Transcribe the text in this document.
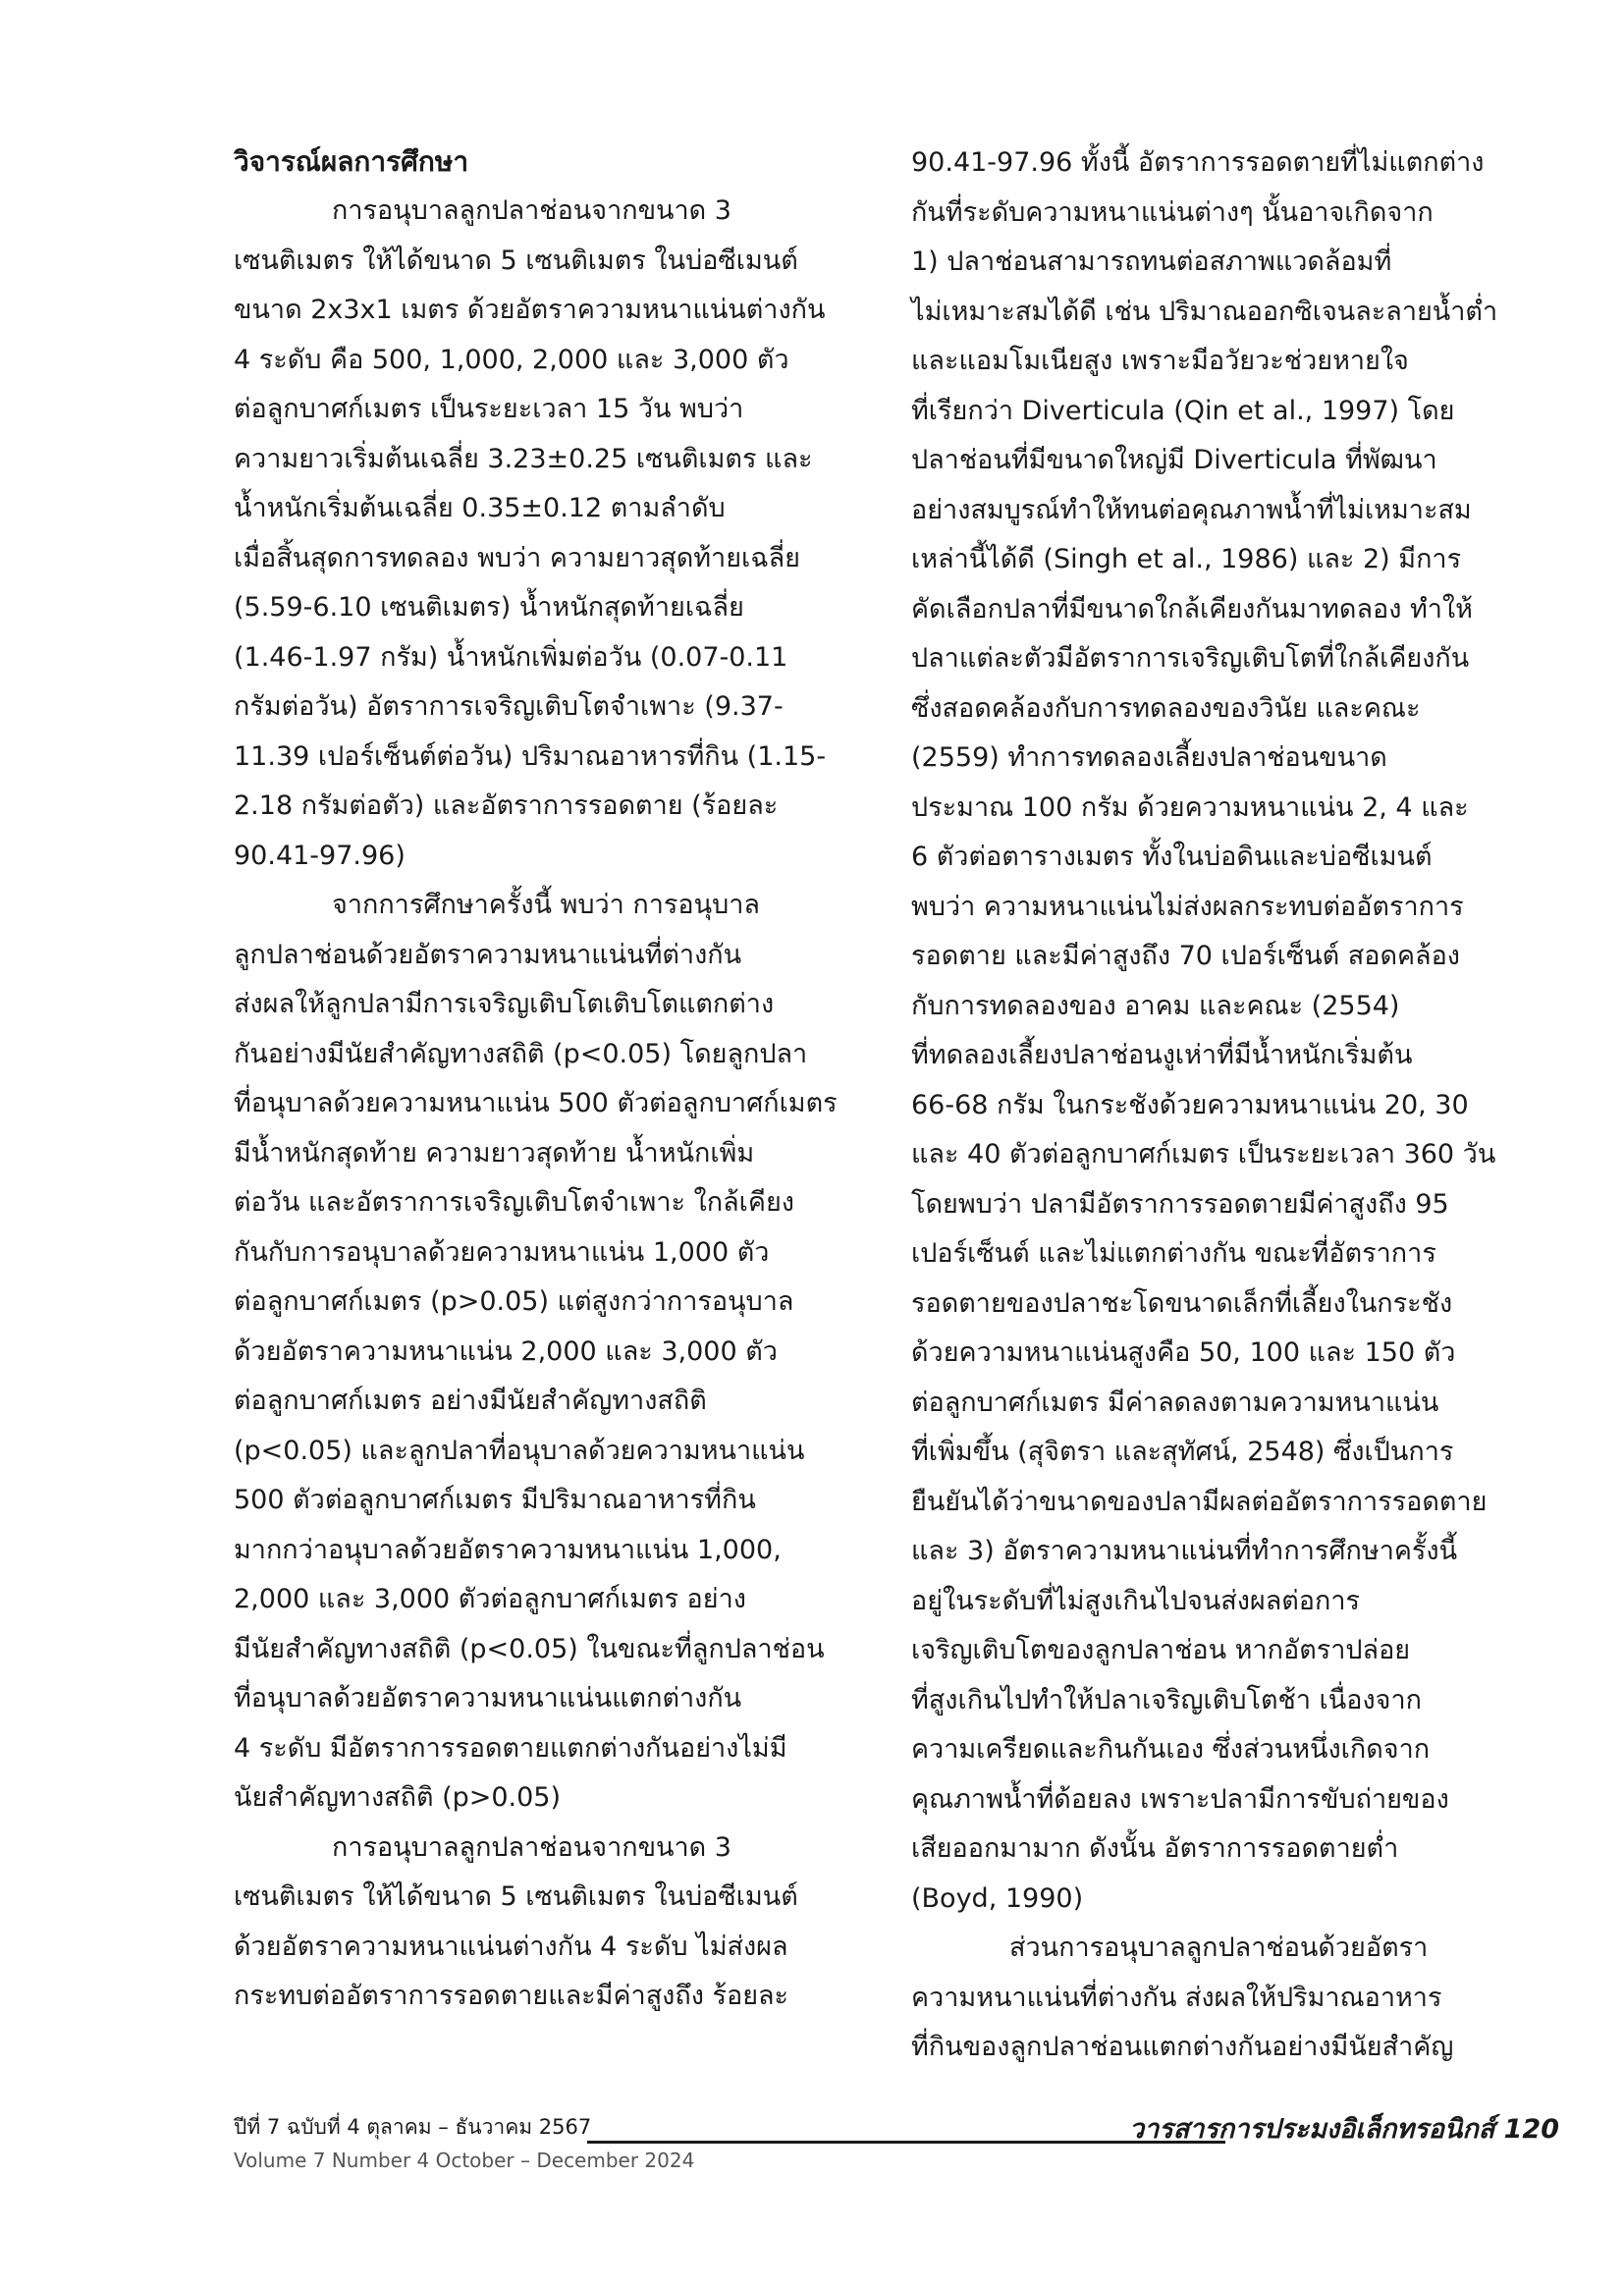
วิจารณ์ผลการศึกษา

การอนุบาลลูกปลาช่อนจากขนาด 3
เซนติเมตร ให้ได้ขนาด 5 เซนติเมตร ในบ่อซีเมนต์
ขนาด 2x3x1 เมตร ด้วยอัตราความหนาแน่นต่างกัน
4 ระดับ คือ 500, 1,000, 2,000 และ 3,000 ตัว
ต่อลูกบาศก์เมตร เป็นระยะเวลา 15 วัน พบว่า
ความยาวเริ่มต้นเฉลี่ย 3.23±0.25 เซนติเมตร และ
น้ำหนักเริ่มต้นเฉลี่ย 0.35±0.12 ตามลำดับ
เมื่อสิ้นสุดการทดลอง พบว่า ความยาวสุดท้ายเฉลี่ย
(5.59-6.10 เซนติเมตร) น้ำหนักสุดท้ายเฉลี่ย
(1.46-1.97 กรัม) น้ำหนักเพิ่มต่อวัน (0.07-0.11
กรัมต่อวัน) อัตราการเจริญเติบโตจำเพาะ (9.37-
11.39 เปอร์เซ็นต์ต่อวัน) ปริมาณอาหารที่กิน (1.15-
2.18 กรัมต่อตัว) และอัตราการรอดตาย (ร้อยละ
90.41-97.96)

จากการศึกษาครั้งนี้ พบว่า การอนุบาล
ลูกปลาช่อนด้วยอัตราความหนาแน่นที่ต่างกัน
ส่งผลให้ลูกปลามีการเจริญเติบโตเติบโตแตกต่าง
กันอย่างมีนัยสำคัญทางสถิติ (p<0.05) โดยลูกปลา
ที่อนุบาลด้วยความหนาแน่น 500 ตัวต่อลูกบาศก์เมตร
มีน้ำหนักสุดท้าย ความยาวสุดท้าย น้ำหนักเพิ่ม
ต่อวัน และอัตราการเจริญเติบโตจำเพาะ ใกล้เคียง
กันกับการอนุบาลด้วยความหนาแน่น 1,000 ตัว
ต่อลูกบาศก์เมตร (p>0.05) แต่สูงกว่าการอนุบาล
ด้วยอัตราความหนาแน่น 2,000 และ 3,000 ตัว
ต่อลูกบาศก์เมตร อย่างมีนัยสำคัญทางสถิติ
(p<0.05) และลูกปลาที่อนุบาลด้วยความหนาแน่น
500 ตัวต่อลูกบาศก์เมตร มีปริมาณอาหารที่กิน
มากกว่าอนุบาลด้วยอัตราความหนาแน่น 1,000,
2,000 และ 3,000 ตัวต่อลูกบาศก์เมตร อย่าง
มีนัยสำคัญทางสถิติ (p<0.05) ในขณะที่ลูกปลาช่อน
ที่อนุบาลด้วยอัตราความหนาแน่นแตกต่างกัน
4 ระดับ มีอัตราการรอดตายแตกต่างกันอย่างไม่มี
นัยสำคัญทางสถิติ (p>0.05)

การอนุบาลลูกปลาช่อนจากขนาด 3
เซนติเมตร ให้ได้ขนาด 5 เซนติเมตร ในบ่อซีเมนต์
ด้วยอัตราความหนาแน่นต่างกัน 4 ระดับ ไม่ส่งผล
กระทบต่ออัตราการรอดตายและมีค่าสูงถึง ร้อยละ

90.41-97.96 ทั้งนี้ อัตราการรอดตายที่ไม่แตกต่าง
กันที่ระดับความหนาแน่นต่างๆ นั้นอาจเกิดจาก
1) ปลาช่อนสามารถทนต่อสภาพแวดล้อมที่
ไม่เหมาะสมได้ดี เช่น ปริมาณออกซิเจนละลายน้ำต่ำ
และแอมโมเนียสูง เพราะมีอวัยวะช่วยหายใจ
ที่เรียกว่า Diverticula (Qin et al., 1997) โดย
ปลาช่อนที่มีขนาดใหญ่มี Diverticula ที่พัฒนา
อย่างสมบูรณ์ทำให้ทนต่อคุณภาพน้ำที่ไม่เหมาะสม
เหล่านี้ได้ดี (Singh et al., 1986) และ 2) มีการ
คัดเลือกปลาที่มีขนาดใกล้เคียงกันมาทดลอง ทำให้
ปลาแต่ละตัวมีอัตราการเจริญเติบโตที่ใกล้เคียงกัน
ซึ่งสอดคล้องกับการทดลองของวินัย และคณะ
(2559) ทำการทดลองเลี้ยงปลาช่อนขนาด
ประมาณ 100 กรัม ด้วยความหนาแน่น 2, 4 และ
6 ตัวต่อตารางเมตร ทั้งในบ่อดินและบ่อซีเมนต์
พบว่า ความหนาแน่นไม่ส่งผลกระทบต่ออัตราการ
รอดตาย และมีค่าสูงถึง 70 เปอร์เซ็นต์ สอดคล้อง
กับการทดลองของ อาคม และคณะ (2554)
ที่ทดลองเลี้ยงปลาช่อนงูเห่าที่มีน้ำหนักเริ่มต้น
66-68 กรัม ในกระชังด้วยความหนาแน่น 20, 30
และ 40 ตัวต่อลูกบาศก์เมตร เป็นระยะเวลา 360 วัน
โดยพบว่า ปลามีอัตราการรอดตายมีค่าสูงถึง 95
เปอร์เซ็นต์ และไม่แตกต่างกัน ขณะที่อัตราการ
รอดตายของปลาชะโดขนาดเล็กที่เลี้ยงในกระชัง
ด้วยความหนาแน่นสูงคือ 50, 100 และ 150 ตัว
ต่อลูกบาศก์เมตร มีค่าลดลงตามความหนาแน่น
ที่เพิ่มขึ้น (สุจิตรา และสุทัศน์, 2548) ซึ่งเป็นการ
ยืนยันได้ว่าขนาดของปลามีผลต่ออัตราการรอดตาย
และ 3) อัตราความหนาแน่นที่ทำการศึกษาครั้งนี้
อยู่ในระดับที่ไม่สูงเกินไปจนส่งผลต่อการ
เจริญเติบโตของลูกปลาช่อน หากอัตราปล่อย
ที่สูงเกินไปทำให้ปลาเจริญเติบโตช้า เนื่องจาก
ความเครียดและกินกันเอง ซึ่งส่วนหนึ่งเกิดจาก
คุณภาพน้ำที่ด้อยลง เพราะปลามีการขับถ่ายของ
เสียออกมามาก ดังนั้น อัตราการรอดตายต่ำ
(Boyd, 1990)

ส่วนการอนุบาลลูกปลาช่อนด้วยอัตรา
ความหนาแน่นที่ต่างกัน ส่งผลให้ปริมาณอาหาร
ที่กินของลูกปลาช่อนแตกต่างกันอย่างมีนัยสำคัญ

ปีที่ 7 ฉบับที่ 4 ตุลาคม – ธันวาคม 2567	วารสารการประมงอิเล็กทรอนิกส์ 120
Volume 7 Number 4 October – December 2024
